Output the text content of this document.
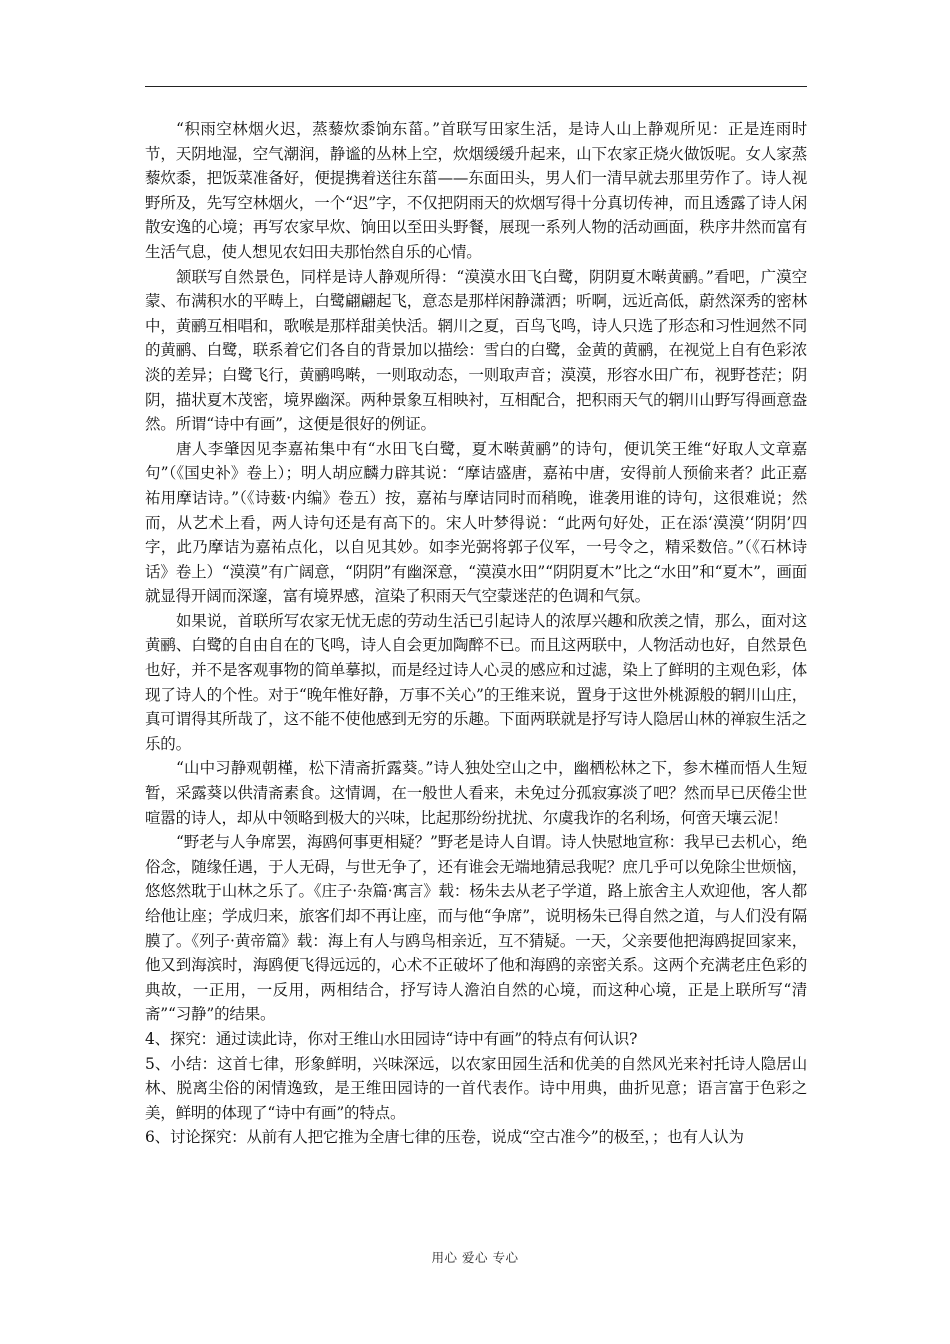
“积雨空林烟火迟，蒸藜炊黍饷东菑。”首联写田家生活，是诗人山上静观所见：正是连雨时节，天阴地湿，空气潮润，静谧的丛林上空，炊烟缓缓升起来，山下农家正烧火做饭呢。女人家蒸藜炊黍，把饭菜准备好，便提携着送往东菑——东面田头，男人们一清早就去那里劳作了。诗人视野所及，先写空林烟火，一个“迟”字，不仅把阴雨天的炊烟写得十分真切传神，而且透露了诗人闲散安逸的心境；再写农家早炊、饷田以至田头野餐，展现一系列人物的活动画面，秩序井然而富有生活气息，使人想见农妇田夫那怡然自乐的心情。

颔联写自然景色，同样是诗人静观所得：“漠漠水田飞白鹭，阴阴夏木啭黄鹂。”看吧，广漠空蒙、布满积水的平畴上，白鹭翩翩起飞，意态是那样闲静潇洒；听啊，远近高低，蔚然深秀的密林中，黄鹂互相唱和，歌喉是那样甜美快活。辋川之夏，百鸟飞鸣，诗人只选了形态和习性迥然不同的黄鹂、白鹭，联系着它们各自的背景加以描绘：雪白的白鹭，金黄的黄鹂，在视觉上自有色彩浓淡的差异；白鹭飞行，黄鹂鸣啭，一则取动态，一则取声音；漠漠，形容水田广布，视野苍茫；阴阴，描状夏木茂密，境界幽深。两种景象互相映衬，互相配合，把积雨天气的辋川山野写得画意盎然。所谓“诗中有画”，这便是很好的例证。

唐人李肇因见李嘉祐集中有“水田飞白鹭，夏木啭黄鹂”的诗句，便讥笑王维“好取人文章嘉句”（《国史补》卷上）；明人胡应麟力辟其说：“摩诘盛唐，嘉祐中唐，安得前人预偷来者？此正嘉祐用摩诘诗。”（《诗薮·内编》卷五）按，嘉祐与摩诘同时而稍晚，谁袭用谁的诗句，这很难说；然而，从艺术上看，两人诗句还是有高下的。宋人叶梦得说：“此两句好处，正在添‘漠漠’‘阴阴’四字，此乃摩诘为嘉祐点化，以自见其妙。如李光弼将郭子仪军，一号令之，精采数倍。”（《石林诗话》卷上）“漠漠”有广阔意，“阴阴”有幽深意，“漠漠水田”“阴阴夏木”比之“水田”和“夏木”，画面就显得开阔而深邃，富有境界感，渲染了积雨天气空蒙迷茫的色调和气氛。

如果说，首联所写农家无忧无虑的劳动生活已引起诗人的浓厚兴趣和欣羡之情，那么，面对这黄鹂、白鹭的自由自在的飞鸣，诗人自会更加陶醉不已。而且这两联中，人物活动也好，自然景色也好，并不是客观事物的简单摹拟，而是经过诗人心灵的感应和过滤，染上了鲜明的主观色彩，体现了诗人的个性。对于“晚年惟好静，万事不关心”的王维来说，置身于这世外桃源般的辋川山庄，真可谓得其所哉了，这不能不使他感到无穷的乐趣。下面两联就是抒写诗人隐居山林的禅寂生活之乐的。

“山中习静观朝槿，松下清斋折露葵。”诗人独处空山之中，幽栖松林之下，参木槿而悟人生短暂，采露葵以供清斋素食。这情调，在一般世人看来，未免过分孤寂寡淡了吧？然而早已厌倦尘世喧嚣的诗人，却从中领略到极大的兴味，比起那纷纷扰扰、尔虞我诈的名利场，何啻天壤云泥！

“野老与人争席罢，海鸥何事更相疑？”野老是诗人自谓。诗人快慰地宣称：我早已去机心，绝俗念，随缘任遇，于人无碍，与世无争了，还有谁会无端地猜忌我呢？庶几乎可以免除尘世烦恼，悠悠然耽于山林之乐了。《庄子·杂篇·寓言》载：杨朱去从老子学道，路上旅舍主人欢迎他，客人都给他让座；学成归来，旅客们却不再让座，而与他“争席”，说明杨朱已得自然之道，与人们没有隔膜了。《列子·黄帝篇》载：海上有人与鸥鸟相亲近，互不猜疑。一天，父亲要他把海鸥捉回家来，他又到海滨时，海鸥便飞得远远的，心术不正破坏了他和海鸥的亲密关系。这两个充满老庄色彩的典故，一正用，一反用，两相结合，抒写诗人澹泊自然的心境，而这种心境，正是上联所写“清斋”“习静”的结果。

4、探究：通过读此诗，你对王维山水田园诗“诗中有画”的特点有何认识?

5、小结：这首七律，形象鲜明，兴味深远，以农家田园生活和优美的自然风光来衬托诗人隐居山林、脱离尘俗的闲情逸致，是王维田园诗的一首代表作。诗中用典，曲折见意；语言富于色彩之美，鲜明的体现了“诗中有画”的特点。

6、讨论探究：从前有人把它推为全唐七律的压卷，说成“空古准今”的极至，；也有人认为

用心 爱心 专心
